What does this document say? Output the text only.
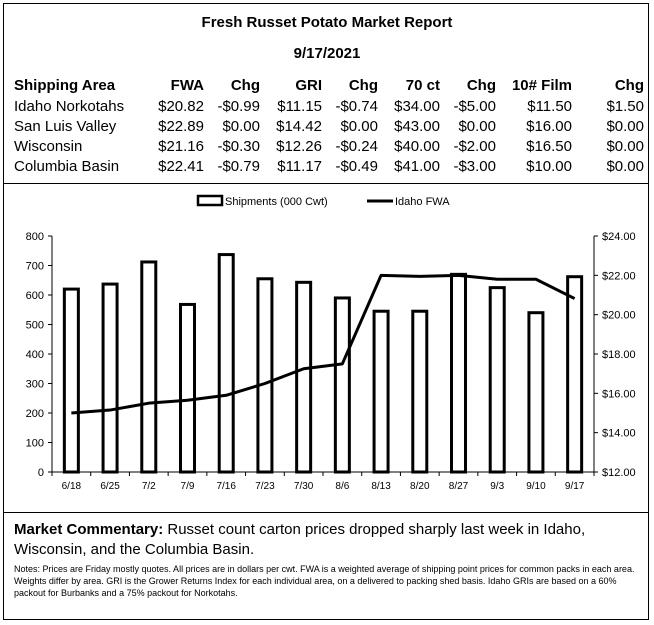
Fresh Russet Potato Market Report
9/17/2021
Shipping Area	FWA	Chg	GRI	Chg	70 ct	Chg	10# Film	Chg
Idaho Norkotahs	$20.82	-$0.99	$11.15	-$0.74	$34.00	-$5.00	$11.50	$1.50
San Luis Valley	$22.89	$0.00	$14.42	$0.00	$43.00	$0.00	$16.00	$0.00
Wisconsin	$21.16	-$0.30	$12.26	-$0.24	$40.00	-$2.00	$16.50	$0.00
Columbia Basin	$22.41	-$0.79	$11.17	-$0.49	$41.00	-$3.00	$10.00	$0.00
0
100
200
300
400
500
600
700
800
$12.00
$14.00
$16.00
$18.00
$20.00
$22.00
$24.00
6/18 6/25 7/2 7/9 7/16 7/23 7/30 8/6 8/13 8/20 8/27 9/3 9/10 9/17
Shipments (000 Cwt)	Idaho FWA
Market Commentary: Russet count carton prices dropped sharply last week in Idaho, Wisconsin, and the Columbia Basin.
Notes: Prices are Friday mostly quotes. All prices are in dollars per cwt. FWA is a weighted average of shipping point prices for common packs in each area. Weights differ by area. GRI is the Grower Returns Index for each individual area, on a delivered to packing shed basis. Idaho GRIs are based on a 60% packout for Burbanks and a 75% packout for Norkotahs.
